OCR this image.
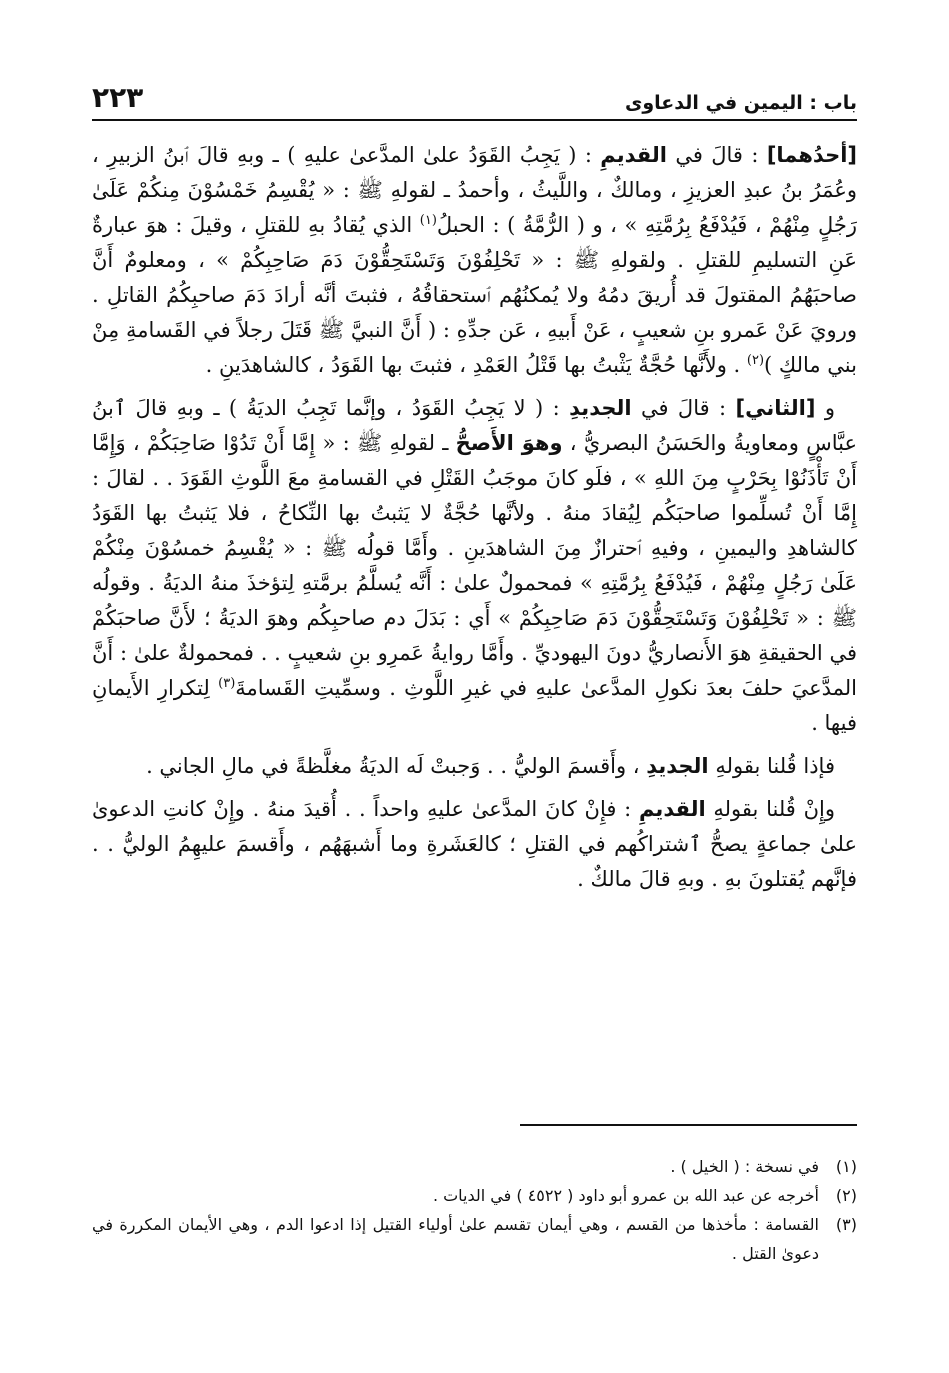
باب : اليمين في الدعاوى
٢٢٣

[أحدُهما] : قالَ في القديمِ : ( يَجِبُ القَوَدُ علىٰ المدَّعىٰ عليهِ ) ـ وبهِ قالَ ٱبنُ الزبيرِ ، وعُمَرُ بنُ عبدِ العزيزِ ، ومالكٌ ، واللَّيثُ ، وأحمدُ ـ لقولهِ ﷺ : « يُقْسِمُ خَمْسُوْنَ مِنكُمْ عَلَىٰ رَجُلٍ مِنْهُمْ ، فَيُدْفَعُ بِرُمَّتِهِ » ، و ( الرُّمَّةُ ) : الحبلُ$^{(١)}$ الذي يُقادُ بهِ للقتلِ ، وقيلَ : هوَ عبارةٌ عَنِ التسليمِ للقتلِ . ولقولهِ ﷺ : « تَحْلِفُوْنَ وَتَسْتَحِقُّوْنَ دَمَ صَاحِبِكُمْ » ، ومعلومٌ أَنَّ صاحبَهُمُ المقتولَ قد أُريقَ دمُهُ ولا يُمكنُهُم ٱستحقاقُهُ ، فثبتَ أنَّه أرادَ دَمَ صاحبِكُمُ القاتلِ . ورويَ عَنْ عَمرو بنِ شعيبٍ ، عَنْ أَبيهِ ، عَن جدِّهِ : ( أَنَّ النبيَّ ﷺ قَتَلَ رجلاً في القَسامةِ مِنْ بني مالكٍ )$^{(٢)}$ . ولأَنَّها حُجَّةٌ يَثْبتُ بها قَتْلُ العَمْدِ ، فثبتَ بها القَوَدُ ، كالشاهدَينِ .

و [الثاني] : قالَ في الجديدِ : ( لا يَجِبُ القَوَدُ ، وإنَّما تَجِبُ الديَةُ ) ـ وبهِ قالَ ٱبنُ عبَّاسٍ ومعاويةُ والحَسَنُ البصريُّ ، وهوَ الأَصحُّ ـ لقولهِ ﷺ : « إِمَّا أَنْ تَدُوْا صَاحِبَكُمْ ، وَإِمَّا أَنْ تَأْذَنُوْا بِحَرْبٍ مِنَ اللهِ » ، فلَو كانَ موجَبُ القَتْلِ في القسامةِ معَ اللَّوثِ القَوَدَ . . لقالَ : إِمَّا أَنْ تُسلِّموا صاحبَكُم لِيُقادَ منهُ . ولأنَّها حُجَّةٌ لا يَثبتُ بها النِّكاحُ ، فلا يَثبتُ بها القَوَدُ كالشاهدِ واليمينِ ، وفيهِ ٱحترازٌ مِنَ الشاهدَينِ . وأَمَّا قولُه ﷺ : « يُقْسِمُ خمسُوْنَ مِنْكُمْ عَلَىٰ رَجُلٍ مِنْهُمْ ، فَيُدْفَعُ بِرُمَّتِهِ » فمحمولٌ علىٰ : أَنَّه يُسلَّمُ برمَّتهِ لِتؤخذَ منهُ الديَةُ . وقولُه ﷺ : « تَحْلِفُوْنَ وَتَسْتَحِقُّوْنَ دَمَ صَاحِبِكُمْ » أَي : بَدَلَ دم صاحبِكُم وهوَ الديَةُ ؛ لأَنَّ صاحبَكُمْ في الحقيقةِ هوَ الأَنصاريُّ دونَ اليهوديِّ . وأَمَّا روايةُ عَمرِو بنِ شعيبٍ . . فمحمولةٌ علىٰ : أَنَّ المدَّعيَ حلفَ بعدَ نكولِ المدَّعىٰ عليهِ في غيرِ اللَّوثِ . وسمِّيتِ القَسامةَ$^{(٣)}$ لِتكرارِ الأَيمانِ فيها .

فإذا قُلنا بقولهِ الجديدِ ، وأَقسمَ الوليُّ . . وَجبتْ لَه الديَةُ مغلَّظةً في مالِ الجاني .

وإِنْ قُلنا بقولهِ القديمِ : فإِنْ كانَ المدَّعىٰ عليهِ واحداً . . أُقيدَ منهُ . وإِنْ كانتِ الدعوىٰ علىٰ جماعةٍ يصحُّ ٱشتراكُهم في القتلِ ؛ كالعَشَرةِ وما أَشبهَهُم ، وأَقسمَ عليهِمُ الوليُّ . . فإنَّهم يُقتلونَ بهِ . وبهِ قالَ مالكٌ .

(١)
في نسخة : ( الخيل ) .
(٢)
أخرجه عن عبد الله بن عمرو أبو داود ( ٤٥٢٢ ) في الديات .
(٣)
القسامة : مأخذها من القسم ، وهي أيمان تقسم علىٰ أولياء القتيل إذا ادعوا الدم ، وهي الأيمان المكررة في دعوىٰ القتل .
